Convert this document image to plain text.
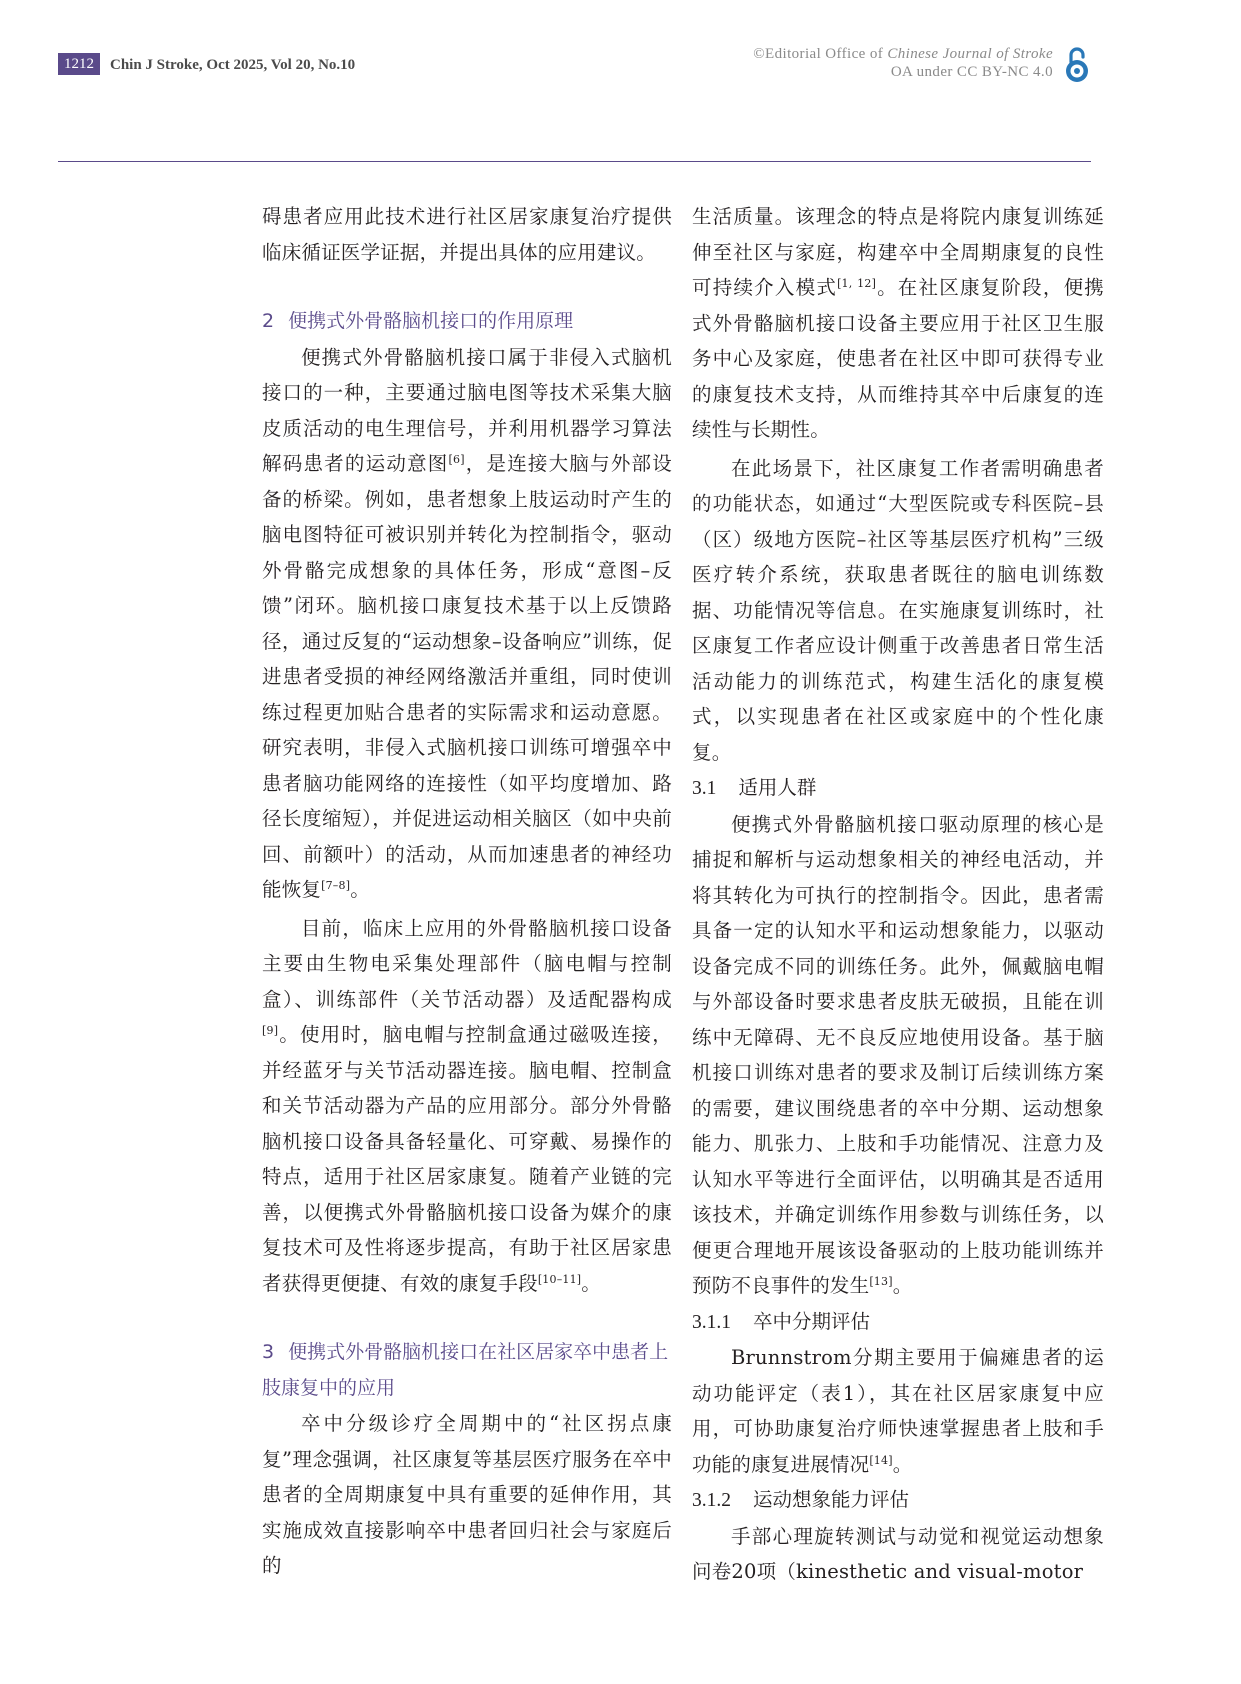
1212	Chin J Stroke, Oct 2025, Vol 20, No.10
©Editorial Office of Chinese Journal of Stroke
OA under CC BY-NC 4.0

碍患者应用此技术进行社区居家康复治疗提供临床循证医学证据，并提出具体的应用建议。

2 便携式外骨骼脑机接口的作用原理

便携式外骨骼脑机接口属于非侵入式脑机接口的一种，主要通过脑电图等技术采集大脑皮质活动的电生理信号，并利用机器学习算法解码患者的运动意图[6]，是连接大脑与外部设备的桥梁。例如，患者想象上肢运动时产生的脑电图特征可被识别并转化为控制指令，驱动外骨骼完成想象的具体任务，形成“意图–反馈”闭环。脑机接口康复技术基于以上反馈路径，通过反复的“运动想象–设备响应”训练，促进患者受损的神经网络激活并重组，同时使训练过程更加贴合患者的实际需求和运动意愿。研究表明，非侵入式脑机接口训练可增强卒中患者脑功能网络的连接性（如平均度增加、路径长度缩短），并促进运动相关脑区（如中央前回、前额叶）的活动，从而加速患者的神经功能恢复[7–8]。

目前，临床上应用的外骨骼脑机接口设备主要由生物电采集处理部件（脑电帽与控制盒）、训练部件（关节活动器）及适配器构成[9]。使用时，脑电帽与控制盒通过磁吸连接，并经蓝牙与关节活动器连接。脑电帽、控制盒和关节活动器为产品的应用部分。部分外骨骼脑机接口设备具备轻量化、可穿戴、易操作的特点，适用于社区居家康复。随着产业链的完善，以便携式外骨骼脑机接口设备为媒介的康复技术可及性将逐步提高，有助于社区居家患者获得更便捷、有效的康复手段[10–11]。

3 便携式外骨骼脑机接口在社区居家卒中患者上肢康复中的应用

卒中分级诊疗全周期中的“社区拐点康复”理念强调，社区康复等基层医疗服务在卒中患者的全周期康复中具有重要的延伸作用，其实施成效直接影响卒中患者回归社会与家庭后的

生活质量。该理念的特点是将院内康复训练延伸至社区与家庭，构建卒中全周期康复的良性可持续介入模式[1, 12]。在社区康复阶段，便携式外骨骼脑机接口设备主要应用于社区卫生服务中心及家庭，使患者在社区中即可获得专业的康复技术支持，从而维持其卒中后康复的连续性与长期性。

在此场景下，社区康复工作者需明确患者的功能状态，如通过“大型医院或专科医院–县（区）级地方医院–社区等基层医疗机构”三级医疗转介系统，获取患者既往的脑电训练数据、功能情况等信息。在实施康复训练时，社区康复工作者应设计侧重于改善患者日常生活活动能力的训练范式，构建生活化的康复模式，以实现患者在社区或家庭中的个性化康复。

3.1 适用人群

便携式外骨骼脑机接口驱动原理的核心是捕捉和解析与运动想象相关的神经电活动，并将其转化为可执行的控制指令。因此，患者需具备一定的认知水平和运动想象能力，以驱动设备完成不同的训练任务。此外，佩戴脑电帽与外部设备时要求患者皮肤无破损，且能在训练中无障碍、无不良反应地使用设备。基于脑机接口训练对患者的要求及制订后续训练方案的需要，建议围绕患者的卒中分期、运动想象能力、肌张力、上肢和手功能情况、注意力及认知水平等进行全面评估，以明确其是否适用该技术，并确定训练作用参数与训练任务，以便更合理地开展该设备驱动的上肢功能训练并预防不良事件的发生[13]。

3.1.1 卒中分期评估

Brunnstrom分期主要用于偏瘫患者的运动功能评定（表1），其在社区居家康复中应用，可协助康复治疗师快速掌握患者上肢和手功能的康复进展情况[14]。

3.1.2 运动想象能力评估

手部心理旋转测试与动觉和视觉运动想象问卷20项（kinesthetic and visual-motor
